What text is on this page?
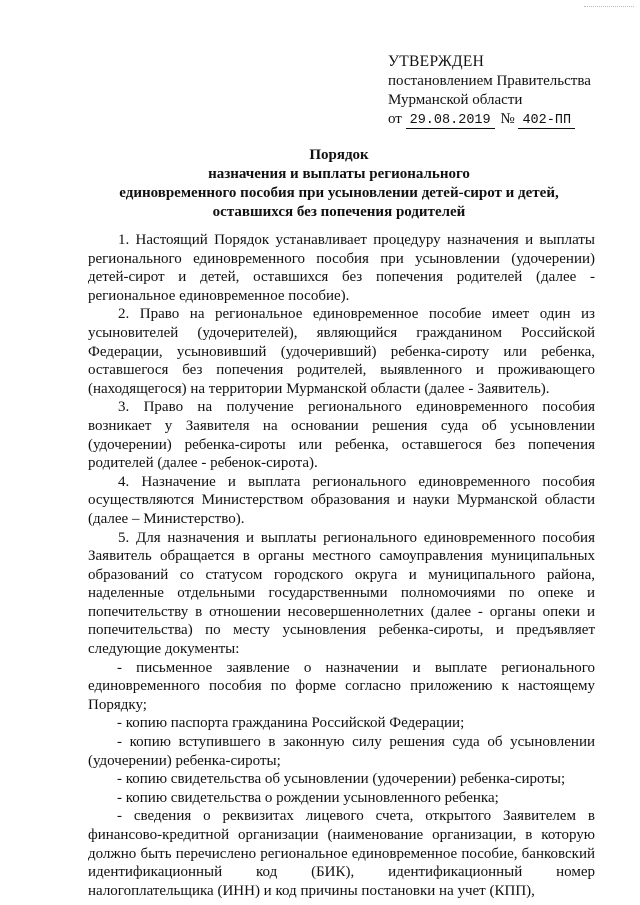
УТВЕРЖДЕН
постановлением Правительства
Мурманской области
от 29.08.2019 № 402-ПП
Порядок
назначения и выплаты регионального
единовременного пособия при усыновлении детей-сирот и детей,
оставшихся без попечения родителей

1. Настоящий Порядок устанавливает процедуру назначения и выплаты регионального единовременного пособия при усыновлении (удочерении) детей-сирот и детей, оставшихся без попечения родителей (далее - региональное единовременное пособие).

2. Право на региональное единовременное пособие имеет один из усыновителей (удочерителей), являющийся гражданином Российской Федерации, усыновивший (удочеривший) ребенка-сироту или ребенка, оставшегося без попечения родителей, выявленного и проживающего (находящегося) на территории Мурманской области (далее - Заявитель).

3. Право на получение регионального единовременного пособия возникает у Заявителя на основании решения суда об усыновлении (удочерении) ребенка-сироты или ребенка, оставшегося без попечения родителей (далее - ребенок-сирота).

4. Назначение и выплата регионального единовременного пособия осуществляются Министерством образования и науки Мурманской области (далее – Министерство).

5. Для назначения и выплаты регионального единовременного пособия Заявитель обращается в органы местного самоуправления муниципальных образований со статусом городского округа и муниципального района, наделенные отдельными государственными полномочиями по опеке и попечительству в отношении несовершеннолетних (далее - органы опеки и попечительства) по месту усыновления ребенка-сироты, и предъявляет следующие документы:

- письменное заявление о назначении и выплате регионального единовременного пособия по форме согласно приложению к настоящему Порядку;

- копию паспорта гражданина Российской Федерации;

- копию вступившего в законную силу решения суда об усыновлении (удочерении) ребенка-сироты;

- копию свидетельства об усыновлении (удочерении) ребенка-сироты;

- копию свидетельства о рождении усыновленного ребенка;

- сведения о реквизитах лицевого счета, открытого Заявителем в финансово-кредитной организации (наименование организации, в которую должно быть перечислено региональное единовременное пособие, банковский идентификационный код (БИК), идентификационный номер налогоплательщика (ИНН) и код причины постановки на учет (КПП),
